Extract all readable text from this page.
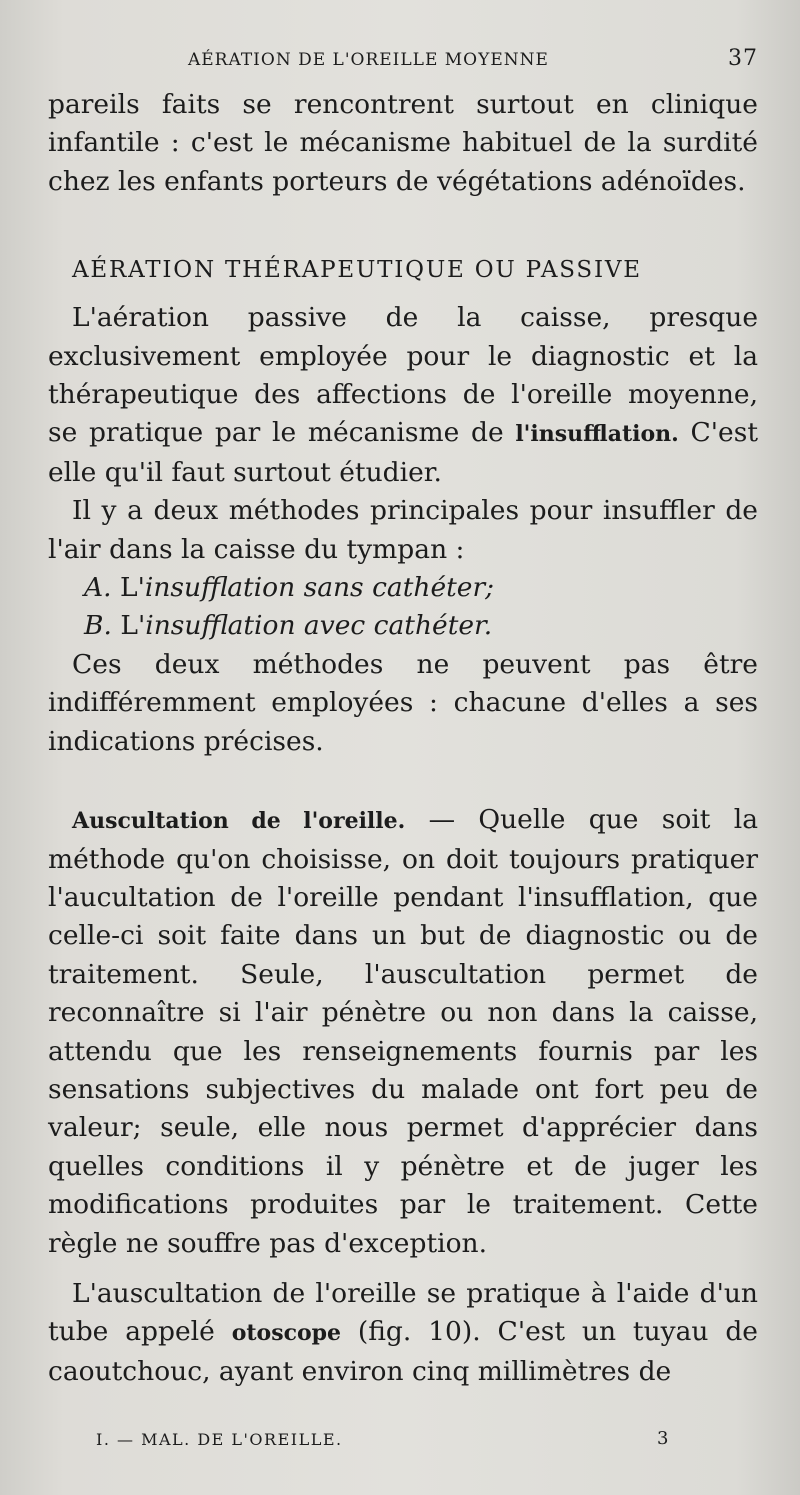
AÉRATION DE L'OREILLE MOYENNE	37

pareils faits se rencontrent surtout en clinique infantile : c'est le mécanisme habituel de la surdité chez les enfants porteurs de végétations adénoïdes.

AÉRATION THÉRAPEUTIQUE OU PASSIVE

L'aération passive de la caisse, presque exclusivement employée pour le diagnostic et la thérapeutique des affections de l'oreille moyenne, se pratique par le mécanisme de l'insufflation. C'est elle qu'il faut surtout étudier.

Il y a deux méthodes principales pour insuffler de l'air dans la caisse du tympan :

A. L'insufflation sans cathéter;

B. L'insufflation avec cathéter.

Ces deux méthodes ne peuvent pas être indifféremment employées : chacune d'elles a ses indications précises.

Auscultation de l'oreille. — Quelle que soit la méthode qu'on choisisse, on doit toujours pratiquer l'aucultation de l'oreille pendant l'insufflation, que celle-ci soit faite dans un but de diagnostic ou de traitement. Seule, l'auscultation permet de reconnaître si l'air pénètre ou non dans la caisse, attendu que les renseignements fournis par les sensations subjectives du malade ont fort peu de valeur; seule, elle nous permet d'apprécier dans quelles conditions il y pénètre et de juger les modifications produites par le traitement. Cette règle ne souffre pas d'exception.

L'auscultation de l'oreille se pratique à l'aide d'un tube appelé otoscope (fig. 10). C'est un tuyau de caoutchouc, ayant environ cinq millimètres de

I. — MAL. DE L'OREILLE.	3
